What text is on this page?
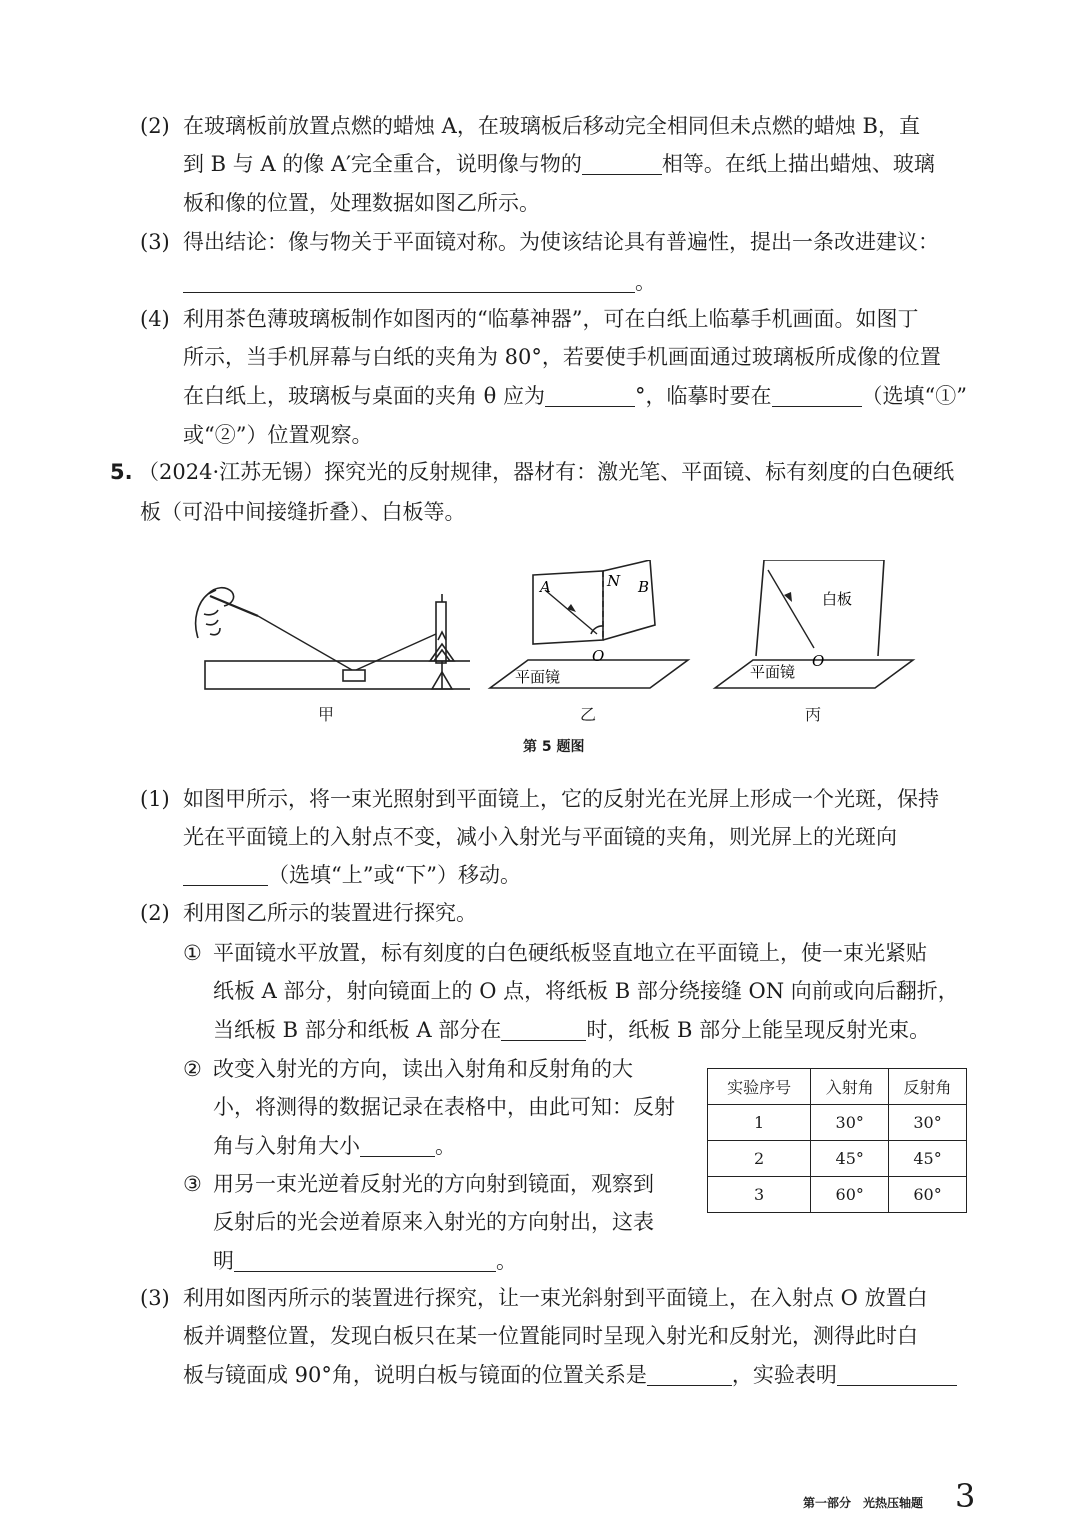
(2) 在玻璃板前放置点燃的蜡烛 A，在玻璃板后移动完全相同但未点燃的蜡烛 B，直
到 B 与 A 的像 A′完全重合，说明像与物的	相等。在纸上描出蜡烛、玻璃
板和像的位置，处理数据如图乙所示。
(3) 得出结论：像与物关于平面镜对称。为使该结论具有普遍性，提出一条改进建议：
。
(4) 利用茶色薄玻璃板制作如图丙的“临摹神器”，可在白纸上临摹手机画面。如图丁
所示，当手机屏幕与白纸的夹角为 80°，若要使手机画面通过玻璃板所成像的位置
在白纸上，玻璃板与桌面的夹角 θ 应为	°，临摹时要在	（选填“①”
或“②”）位置观察。
5. （2024·江苏无锡）探究光的反射规律，器材有：激光笔、平面镜、标有刻度的白色硬纸
板（可沿中间接缝折叠）、白板等。
甲
A	N B
O
平面镜
乙
白板
O
平面镜
丙
第 5 题图
(1) 如图甲所示，将一束光照射到平面镜上，它的反射光在光屏上形成一个光斑，保持
光在平面镜上的入射点不变，减小入射光与平面镜的夹角，则光屏上的光斑向
（选填“上”或“下”）移动。
(2) 利用图乙所示的装置进行探究。
① 平面镜水平放置，标有刻度的白色硬纸板竖直地立在平面镜上，使一束光紧贴
纸板 A 部分，射向镜面上的 O 点，将纸板 B 部分绕接缝 ON 向前或向后翻折，
当纸板 B 部分和纸板 A 部分在	时，纸板 B 部分上能呈现反射光束。
② 改变入射光的方向，读出入射角和反射角的大
小，将测得的数据记录在表格中，由此可知：反射
角与入射角大小	。
③ 用另一束光逆着反射光的方向射到镜面，观察到
反射后的光会逆着原来入射光的方向射出，这表
明	。
实验序号	入射角	反射角
1	30°	30°
2	45°	45°
3	60°	60°
(3) 利用如图丙所示的装置进行探究，让一束光斜射到平面镜上，在入射点 O 放置白
板并调整位置，发现白板只在某一位置能同时呈现入射光和反射光，测得此时白
板与镜面成 90°角，说明白板与镜面的位置关系是	，实验表明
第一部分　光热压轴题 3
